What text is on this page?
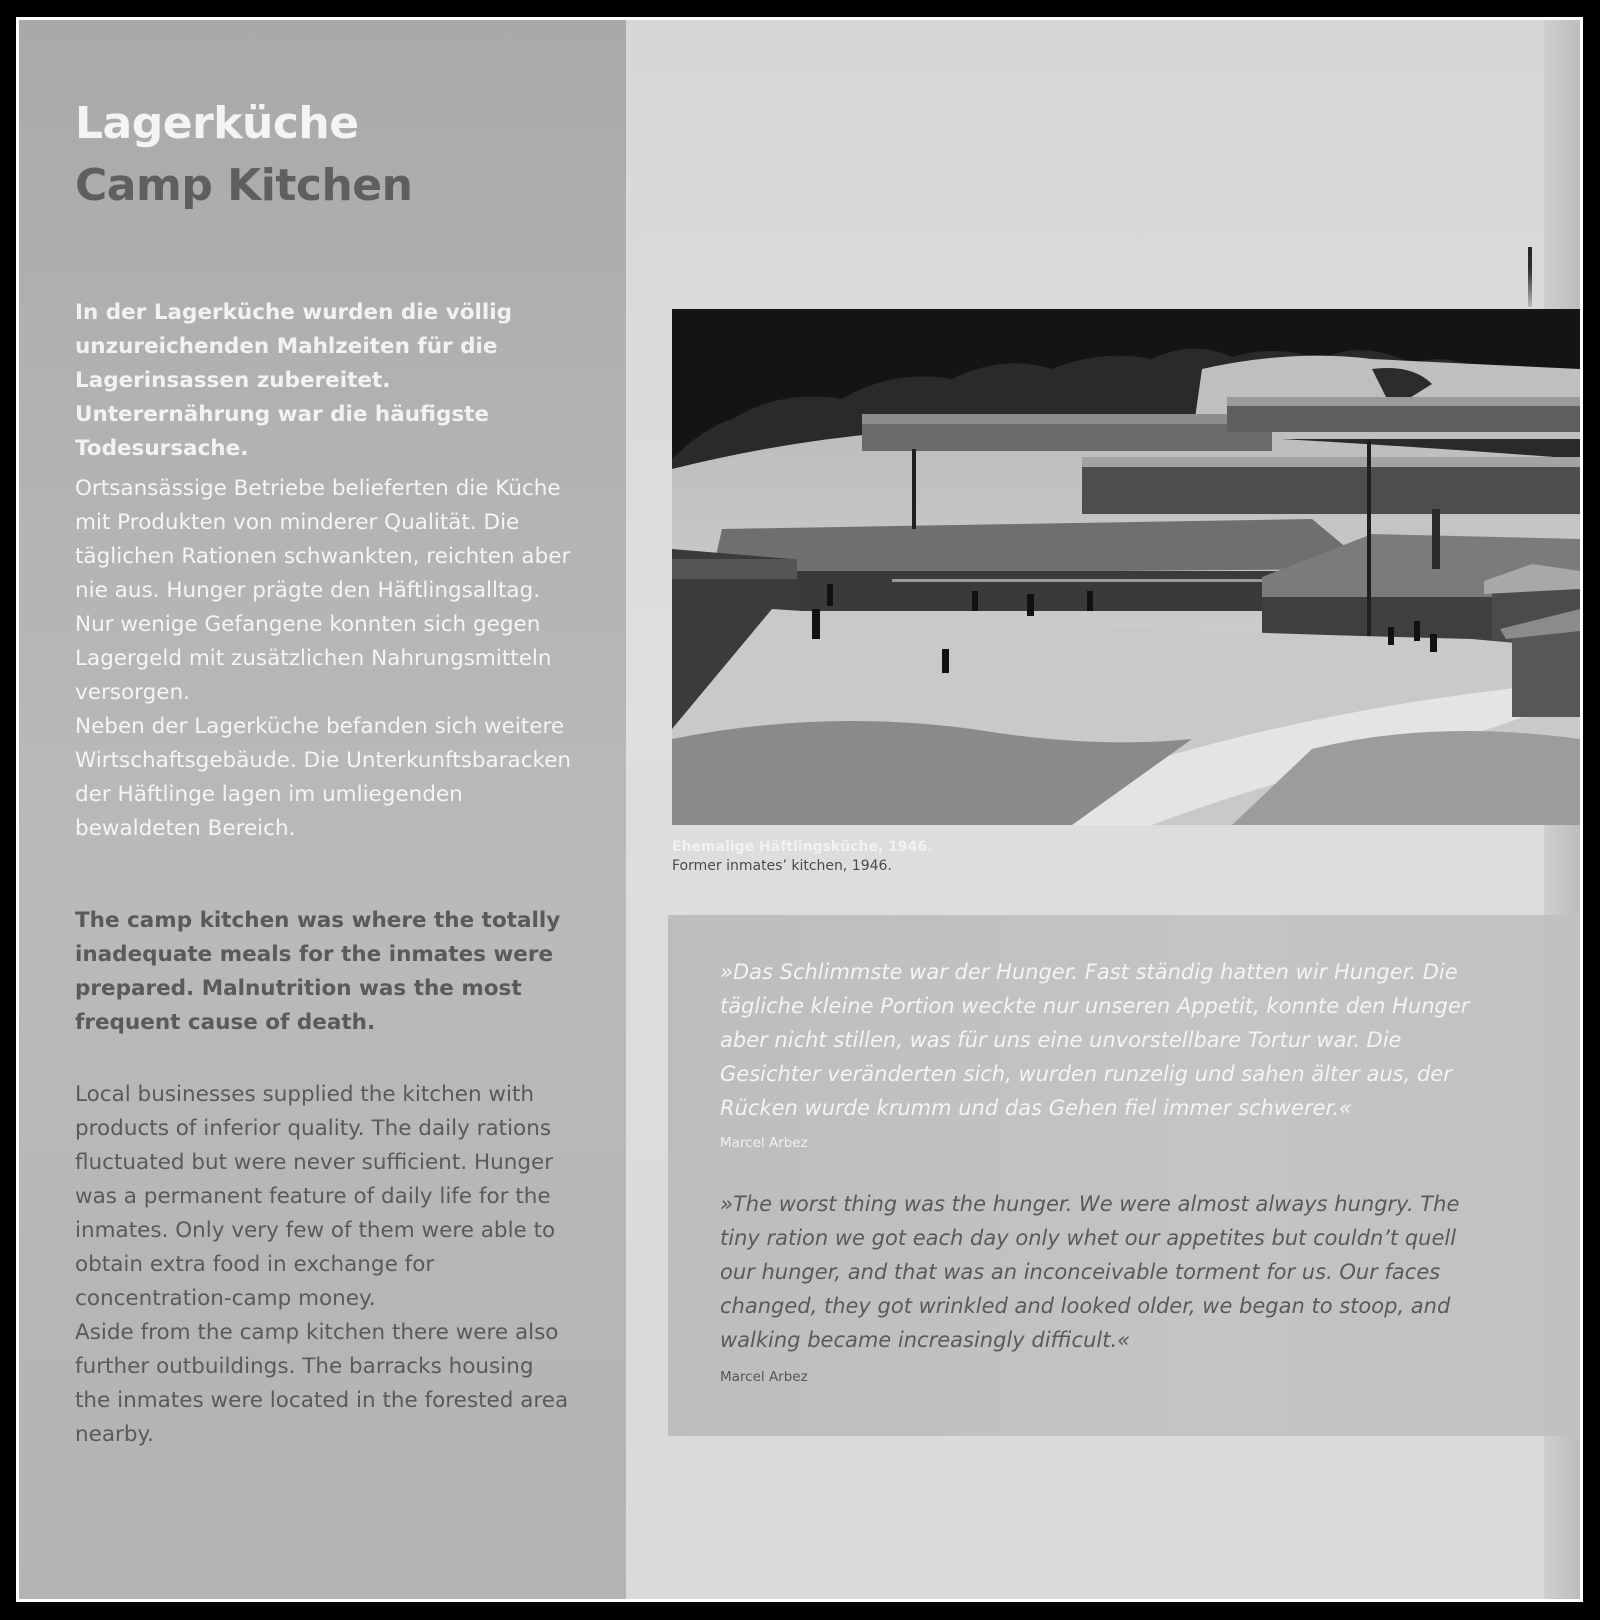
Lagerküche
Camp Kitchen

In der Lagerküche wurden die völlig unzureichenden Mahlzeiten für die Lagerinsassen zubereitet. Unterernährung war die häufigste Todesursache.

Ortsansässige Betriebe belieferten die Küche mit Produkten von minderer Qualität. Die täglichen Rationen schwankten, reichten aber nie aus. Hunger prägte den Häftlingsalltag. Nur wenige Gefangene konnten sich gegen Lagergeld mit zusätzlichen Nahrungsmitteln versorgen.

Neben der Lagerküche befanden sich weitere Wirtschaftsgebäude. Die Unterkunftsbaracken der Häftlinge lagen im umliegenden bewaldeten Bereich.

The camp kitchen was where the totally inadequate meals for the inmates were prepared. Malnutrition was the most frequent cause of death.

Local businesses supplied the kitchen with products of inferior quality. The daily rations fluctuated but were never sufficient. Hunger was a permanent feature of daily life for the inmates. Only very few of them were able to obtain extra food in exchange for concentration-camp money.

Aside from the camp kitchen there were also further outbuildings. The barracks housing the inmates were located in the forested area nearby.

Ehemalige Häftlingsküche, 1946.
Former inmates’ kitchen, 1946.

»Das Schlimmste war der Hunger. Fast ständig hatten wir Hunger. Die tägliche kleine Portion weckte nur unseren Appetit, konnte den Hunger aber nicht stillen, was für uns eine unvorstellbare Tortur war. Die Gesichter veränderten sich, wurden runzelig und sahen älter aus, der Rücken wurde krumm und das Gehen fiel immer schwerer.«

Marcel Arbez

»The worst thing was the hunger. We were almost always hungry. The tiny ration we got each day only whet our appetites but couldn’t quell our hunger, and that was an inconceivable torment for us. Our faces changed, they got wrinkled and looked older, we began to stoop, and walking became increasingly difficult.«

Marcel Arbez
